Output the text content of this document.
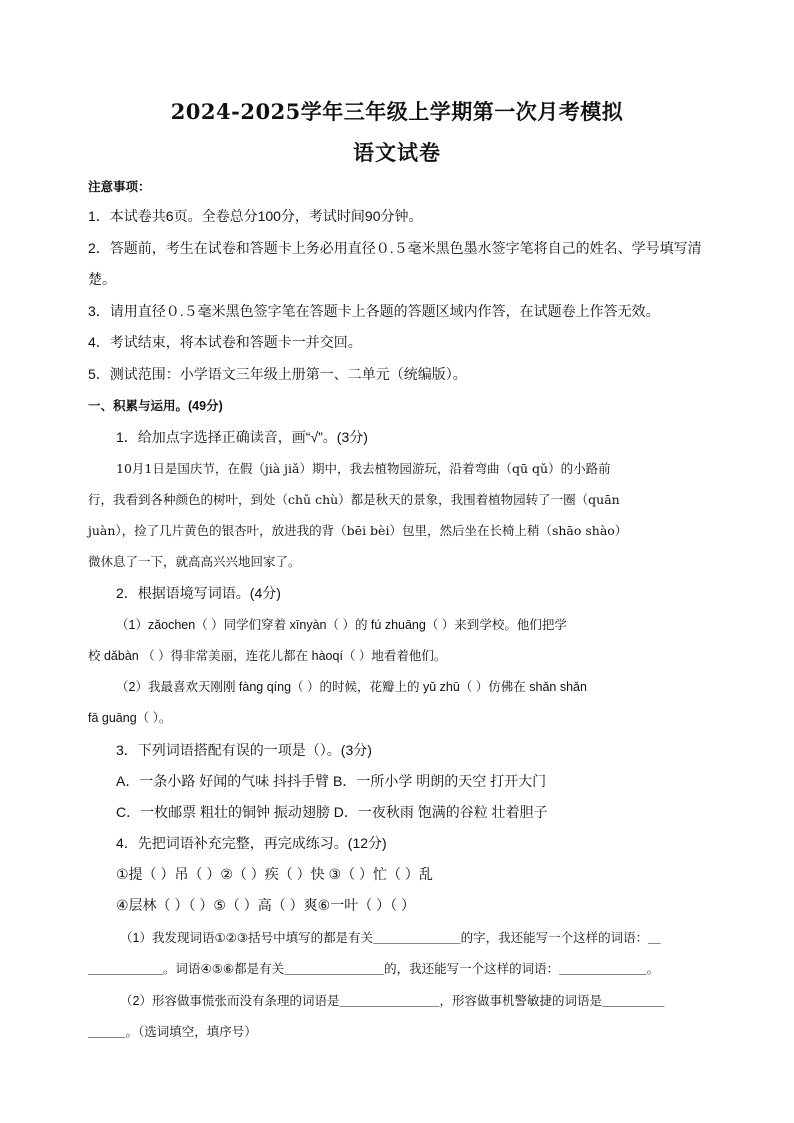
2024-2025学年三年级上学期第一次月考模拟
语文试卷
注意事项：
1．本试卷共6页。全卷总分100分，考试时间90分钟。
2．答题前，考生在试卷和答题卡上务必用直径０.５毫米黑色墨水签字笔将自己的姓名、学号填写清
楚。
3．请用直径０.５毫米黑色签字笔在答题卡上各题的答题区域内作答，在试题卷上作答无效。
4．考试结束，将本试卷和答题卡一并交回。
5．测试范围：小学语文三年级上册第一、二单元（统编版）。
一、积累与运用。(49分)
1．给加点字选择正确读音，画“√”。(3分)
10月1日是国庆节，在假（jià jiǎ）期中，我去植物园游玩，沿着弯曲（qū qǔ）的小路前
行，我看到各种颜色的树叶，到处（chǔ chù）都是秋天的景象，我围着植物园转了一圈（quān
juàn），捡了几片黄色的银杏叶，放进我的背（bēi bèi）包里，然后坐在长椅上稍（shāo shào）
微休息了一下，就高高兴兴地回家了。
2．根据语境写词语。(4分)
（1）zǎochen（ ）同学们穿着 xīnyàn（ ）的 fú zhuāng（ ）来到学校。他们把学
校 dǎbàn （ ）得非常美丽，连花儿都在 hàoqí（ ）地看着他们。
（2）我最喜欢天刚刚 fàng qíng（ ）的时候，花瓣上的 yǔ zhū（ ）仿佛在 shǎn shǎn
fā guāng（ ）。
3．下列词语搭配有误的一项是（）。(3分)
A．一条小路 好闻的气味 抖抖手臂 B．一所小学 明朗的天空 打开大门
C．一枚邮票 粗壮的铜钟 振动翅膀 D．一夜秋雨 饱满的谷粒 壮着胆子
4．先把词语补充完整，再完成练习。(12分)
①提（ ）吊（ ）②（ ）疾（ ）快 ③（ ）忙（ ）乱
④层林（ ）（ ）⑤（ ）高（ ）爽⑥一叶（ ）（ ）
（1）我发现词语①②③括号中填写的都是有关＿＿＿＿＿＿＿的字，我还能写一个这样的词语：＿
＿＿＿＿＿＿。词语④⑤⑥都是有关＿＿＿＿＿＿＿＿的，我还能写一个这样的词语：＿＿＿＿＿＿＿。
（2）形容做事慌张而没有条理的词语是＿＿＿＿＿＿＿＿，形容做事机警敏捷的词语是＿＿＿＿＿
＿＿＿。（选词填空，填序号）
